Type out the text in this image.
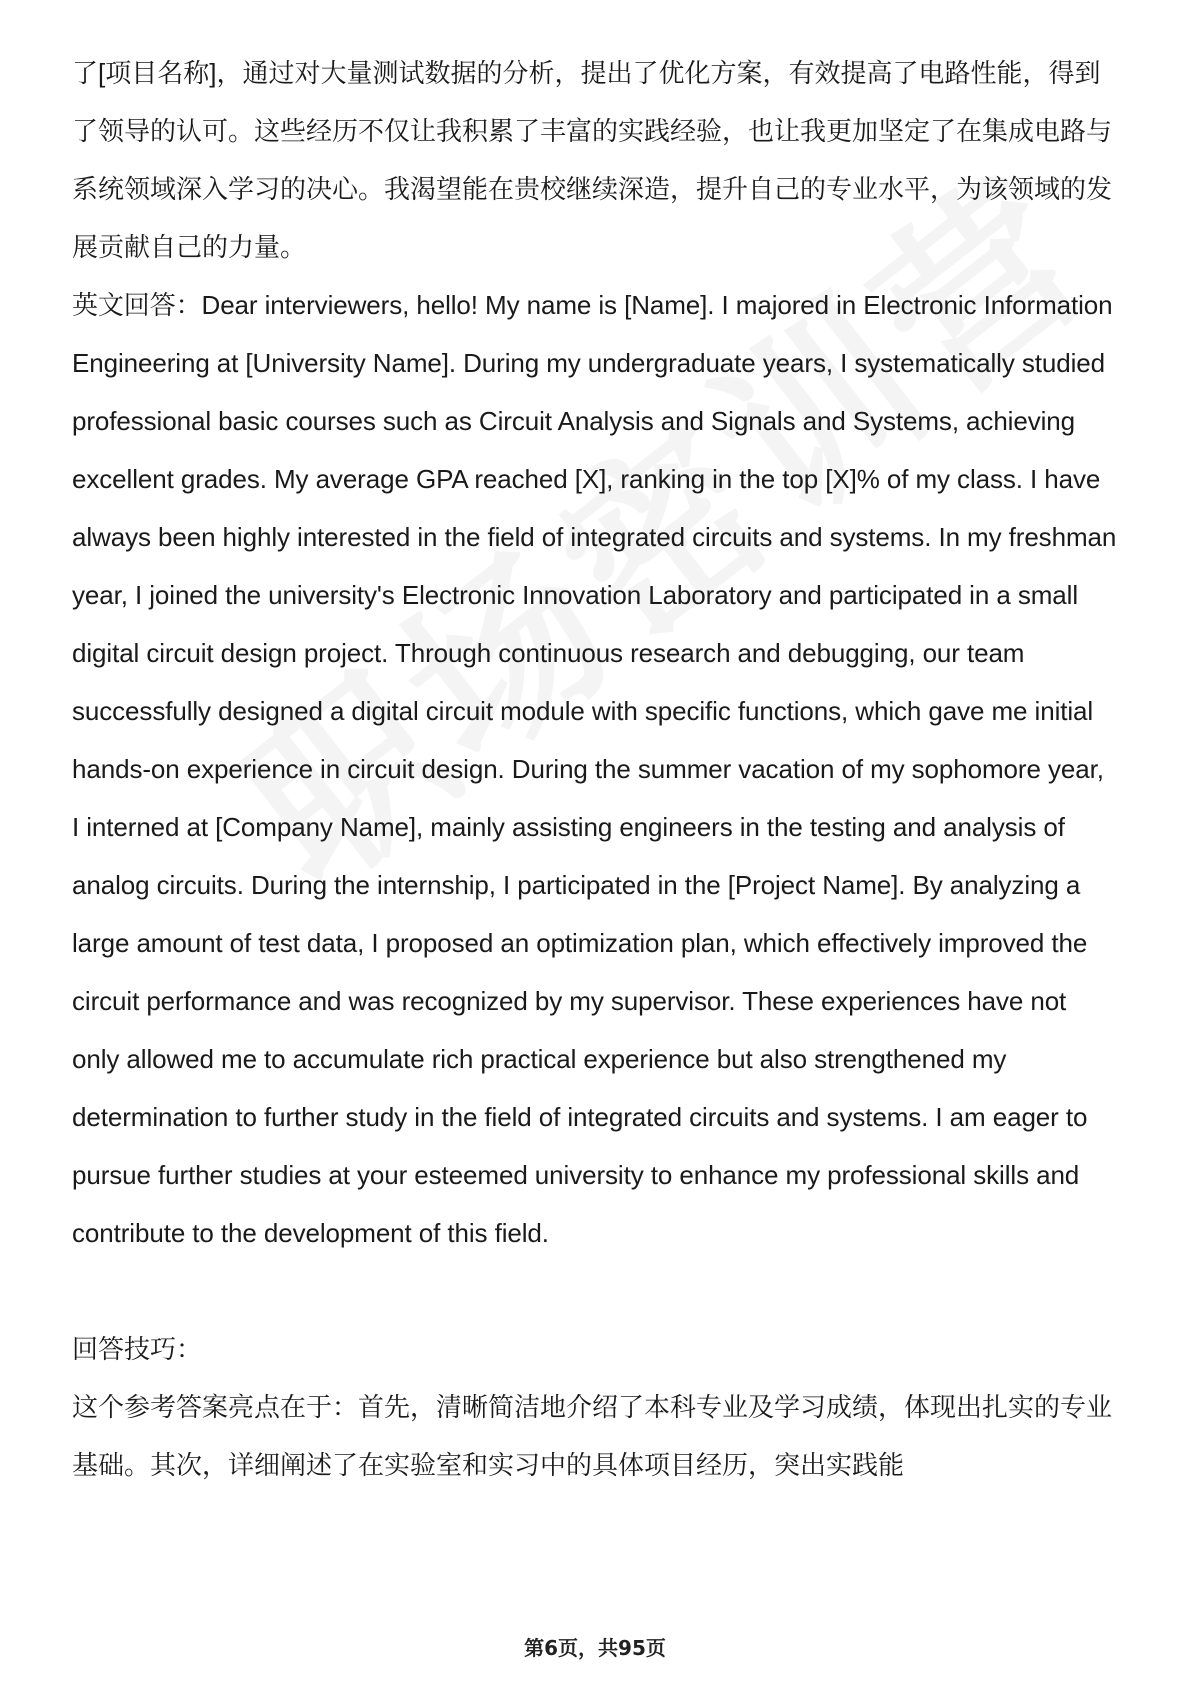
了[项目名称]，通过对大量测试数据的分析，提出了优化方案，有效提高了电路性能，得到了领导的认可。这些经历不仅让我积累了丰富的实践经验，也让我更加坚定了在集成电路与系统领域深入学习的决心。我渴望能在贵校继续深造，提升自己的专业水平，为该领域的发展贡献自己的力量。

英文回答：Dear interviewers, hello! My name is [Name]. I majored in Electronic Information Engineering at [University Name]. During my undergraduate years, I systematically studied professional basic courses such as Circuit Analysis and Signals and Systems, achieving excellent grades. My average GPA reached [X], ranking in the top [X]% of my class. I have always been highly interested in the field of integrated circuits and systems. In my freshman year, I joined the university's Electronic Innovation Laboratory and participated in a small digital circuit design project. Through continuous research and debugging, our team successfully designed a digital circuit module with specific functions, which gave me initial hands-on experience in circuit design. During the summer vacation of my sophomore year, I interned at [Company Name], mainly assisting engineers in the testing and analysis of analog circuits. During the internship, I participated in the [Project Name]. By analyzing a large amount of test data, I proposed an optimization plan, which effectively improved the circuit performance and was recognized by my supervisor. These experiences have not only allowed me to accumulate rich practical experience but also strengthened my determination to further study in the field of integrated circuits and systems. I am eager to pursue further studies at your esteemed university to enhance my professional skills and contribute to the development of this field.

回答技巧：

这个参考答案亮点在于：首先，清晰简洁地介绍了本科专业及学习成绩，体现出扎实的专业基础。其次，详细阐述了在实验室和实习中的具体项目经历，突出实践能

第6页，共95页
